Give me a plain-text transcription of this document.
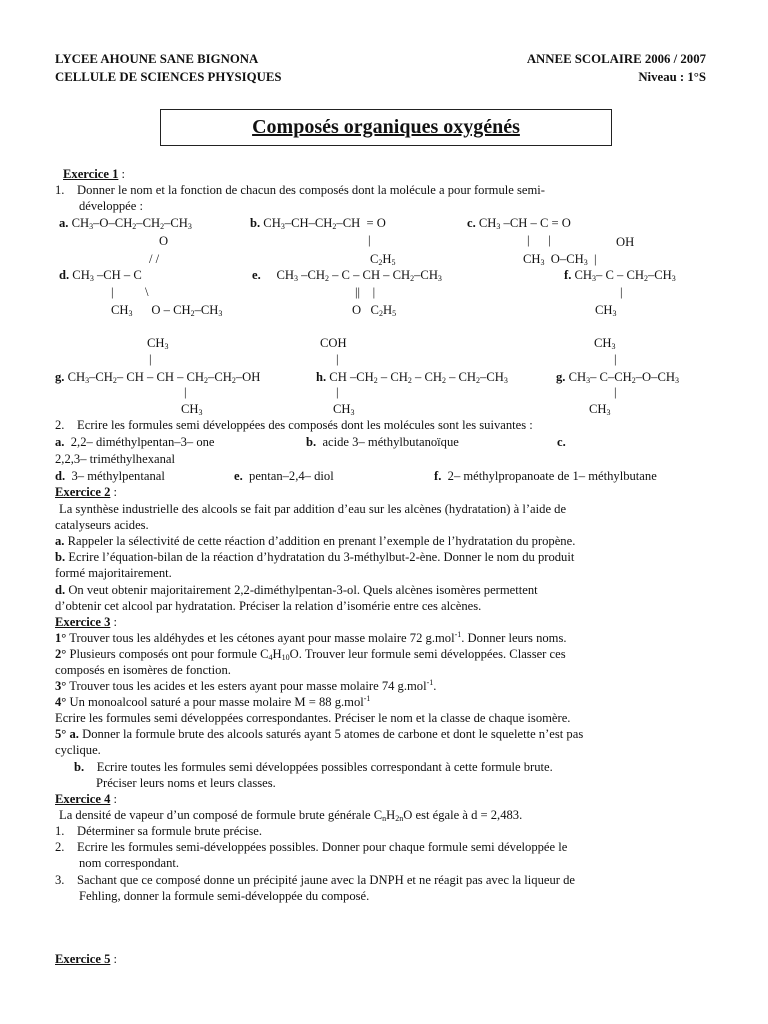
LYCEE AHOUNE SANE BIGNONA
CELLULE DE SCIENCES PHYSIQUES
ANNEE SCOLAIRE 2006 / 2007
Niveau : 1°S
Composés organiques oxygénés
Exercice 1 :
1. Donner le nom et la fonction de chacun des composés dont la molécule a pour formule semi-
développée :
a. $CH_3-O-CH_2-CH_2-CH_3$	b. $CH_3-CH-CH_2-CH = O$	c. $CH_3$ –CH – C = O
O	|	|      |	OH
/ /	$C_2H_5$	$CH_3$  $O-CH_3$  |
d. $CH_3$ –CH – C	e.     $CH_3$ $-CH_2$ – C – CH – $CH_2-CH_3$	f. $CH_3-$ C – $CH_2-CH_3$
|          \	||    |	|
$CH_3$      O – $CH_2-CH_3$	O   $C_2H_5$	$CH_3$
$CH_3$	COH	$CH_3$
|	|	|
g. $CH_3-CH_2-$ CH – CH – $CH_2-CH_2-OH$	h. CH $-CH_2 - CH_2 - CH_2 - CH_2-CH_3$	g. $CH_3-$ $C-CH_2-O-CH_3$
|	|	|
$CH_3$	$CH_3$	$CH_3$
2. Ecrire les formules semi développées des composés dont les molécules sont les suivantes :
a. 2,2– diméthylpentan–3– one	b. acide 3– méthylbutanoïque	c.
2,2,3– triméthylhexanal
d. 3– méthylpentanal	e. pentan–2,4– diol	f. 2– méthylpropanoate de 1– méthylbutane
Exercice 2 :
La synthèse industrielle des alcools se fait par addition d’eau sur les alcènes (hydratation) à l’aide de
catalyseurs acides.
a. Rappeler la sélectivité de cette réaction d’addition en prenant l’exemple de l’hydratation du propène.
b. Ecrire l’équation-bilan de la réaction d’hydratation du 3-méthylbut-2-ène. Donner le nom du produit
formé majoritairement.
d. On veut obtenir majoritairement 2,2-diméthylpentan-3-ol. Quels alcènes isomères permettent
d’obtenir cet alcool par hydratation. Préciser la relation d’isomérie entre ces alcènes.
Exercice 3 :
1° Trouver tous les aldéhydes et les cétones ayant pour masse molaire 72 g.mol$^{-1}$. Donner leurs noms.
2° Plusieurs composés ont pour formule $C_4H_{10}O$. Trouver leur formule semi développées. Classer ces
composés en isomères de fonction.
3° Trouver tous les acides et les esters ayant pour masse molaire 74 g.mol$^{-1}$.
4° Un monoalcool saturé a pour masse molaire M = 88 g.mol$^{-1}$
Ecrire les formules semi développées correspondantes. Préciser le nom et la classe de chaque isomère.
5° a. Donner la formule brute des alcools saturés ayant 5 atomes de carbone et dont le squelette n’est pas
cyclique.
b. Ecrire toutes les formules semi développées possibles correspondant à cette formule brute.
Préciser leurs noms et leurs classes.
Exercice 4 :
La densité de vapeur d’un composé de formule brute générale $C_nH_{2n}O$ est égale à d = 2,483.
1. Déterminer sa formule brute précise.
2. Ecrire les formules semi-développées possibles. Donner pour chaque formule semi développée le
nom correspondant.
3. Sachant que ce composé donne un précipité jaune avec la DNPH et ne réagit pas avec la liqueur de
Fehling, donner la formule semi-développée du composé.
Exercice 5 :
